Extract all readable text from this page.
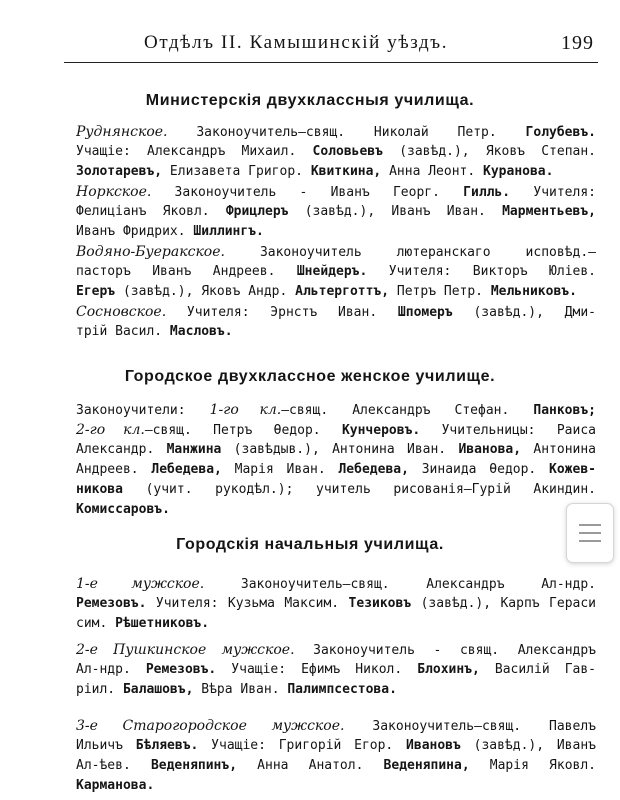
Отдѣлъ II. Камышинскій уѣздъ.	199
Министерскія двухклассныя училища.
Руднянское. Законоучитель—свящ. Николай Петр. Голубевъ.
Учащіе: Александръ Михаил. Соловьевъ (завѣд.), Яковъ Степан.
Золотаревъ, Елизавета Григор. Квиткина, Анна Леонт. Куранова.
Норкское. Законоучитель - Иванъ Георг. Гилль. Учителя:
Фелиціанъ Яковл. Фрицлеръ (завѣд.), Иванъ Иван. Марментьевъ,
Иванъ Фридрих. Шиллингъ.
Водяно-Буеракское. Законоучитель лютеранскаго исповѣд.—
пасторъ Иванъ Андреев. Шнейдеръ. Учителя: Викторъ Юліев.
Егеръ (завѣд.), Яковъ Андр. Альтерготтъ, Петръ Петр. Мельниковъ.
Сосновское. Учителя: Эрнстъ Иван. Шпомеръ (завѣд.), Дми-
трій Васил. Масловъ.
Городское двухклассное женское училище.
Законоучители: 1-го кл.—свящ. Александръ Стефан. Панковъ;
2-го кл.—свящ. Петръ Ѳедор. Кунчеровъ. Учительницы: Раиса
Александр. Манжина (завѣдыв.), Антонина Иван. Иванова, Антонина
Андреев. Лебедева, Марія Иван. Лебедева, Зинаида Ѳедор. Кожев-
никова (учит. рукодѣл.); учитель рисованія—Гурій Акиндин.
Комиссаровъ.
Городскія начальныя училища.
1-е мужское. Законоучитель—свящ. Александръ Ал-ндр.
Ремезовъ. Учителя: Кузьма Максим. Тезиковъ (завѣд.), Карпъ Гераси
сим. Рѣшетниковъ.
2-е Пушкинское мужское. Законоучитель - свящ. Александръ
Ал-ндр. Ремезовъ. Учащіе: Ефимъ Никол. Блохинъ, Василій Гав-
ріил. Балашовъ, Вѣра Иван. Палимпсестова.
3-е Старогородское мужское. Законоучитель—свящ. Павелъ
Ильичъ Бѣляевъ. Учащіе: Григорій Егор. Ивановъ (завѣд.), Иванъ
Ал-ѣев. Веденяпинъ, Анна Анатол. Веденяпина, Марія Яковл.
Карманова.
